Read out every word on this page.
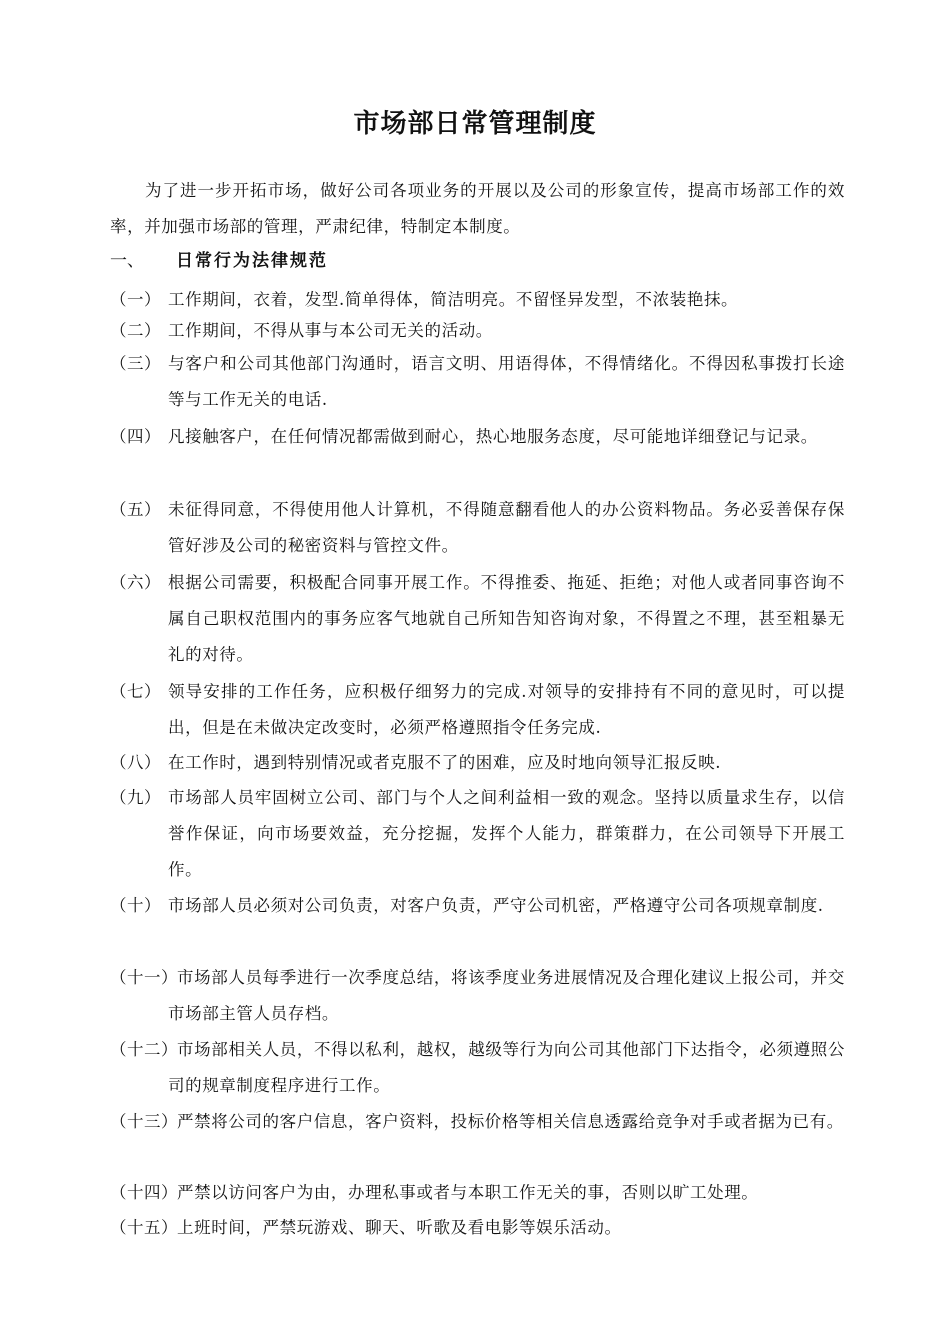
市场部日常管理制度

为了进一步开拓市场，做好公司各项业务的开展以及公司的形象宣传，提高市场部工作的效率，并加强市场部的管理，严肃纪律，特制定本制度。

一、 日常行为法律规范
（一） 工作期间，衣着，发型.简单得体，简洁明亮。不留怪异发型，不浓装艳抹。
（二） 工作期间，不得从事与本公司无关的活动。
（三） 与客户和公司其他部门沟通时，语言文明、用语得体，不得情绪化。不得因私事拨打长途等与工作无关的电话.
（四） 凡接触客户，在任何情况都需做到耐心，热心地服务态度，尽可能地详细登记与记录。
（五） 未征得同意，不得使用他人计算机，不得随意翻看他人的办公资料物品。务必妥善保存保管好涉及公司的秘密资料与管控文件。
（六） 根据公司需要，积极配合同事开展工作。不得推委、拖延、拒绝；对他人或者同事咨询不属自己职权范围内的事务应客气地就自己所知告知咨询对象，不得置之不理，甚至粗暴无礼的对待。
（七） 领导安排的工作任务，应积极仔细努力的完成.对领导的安排持有不同的意见时，可以提出，但是在未做决定改变时，必须严格遵照指令任务完成.
（八） 在工作时，遇到特别情况或者克服不了的困难，应及时地向领导汇报反映.
（九） 市场部人员牢固树立公司、部门与个人之间利益相一致的观念。坚持以质量求生存，以信誉作保证，向市场要效益，充分挖掘，发挥个人能力，群策群力，在公司领导下开展工作。
（十） 市场部人员必须对公司负责，对客户负责，严守公司机密，严格遵守公司各项规章制度.
（十一） 市场部人员每季进行一次季度总结，将该季度业务进展情况及合理化建议上报公司，并交市场部主管人员存档。
（十二） 市场部相关人员，不得以私利，越权，越级等行为向公司其他部门下达指令，必须遵照公司的规章制度程序进行工作。
（十三） 严禁将公司的客户信息，客户资料，投标价格等相关信息透露给竞争对手或者据为已有。
（十四） 严禁以访问客户为由，办理私事或者与本职工作无关的事，否则以旷工处理。
（十五） 上班时间，严禁玩游戏、聊天、听歌及看电影等娱乐活动。
